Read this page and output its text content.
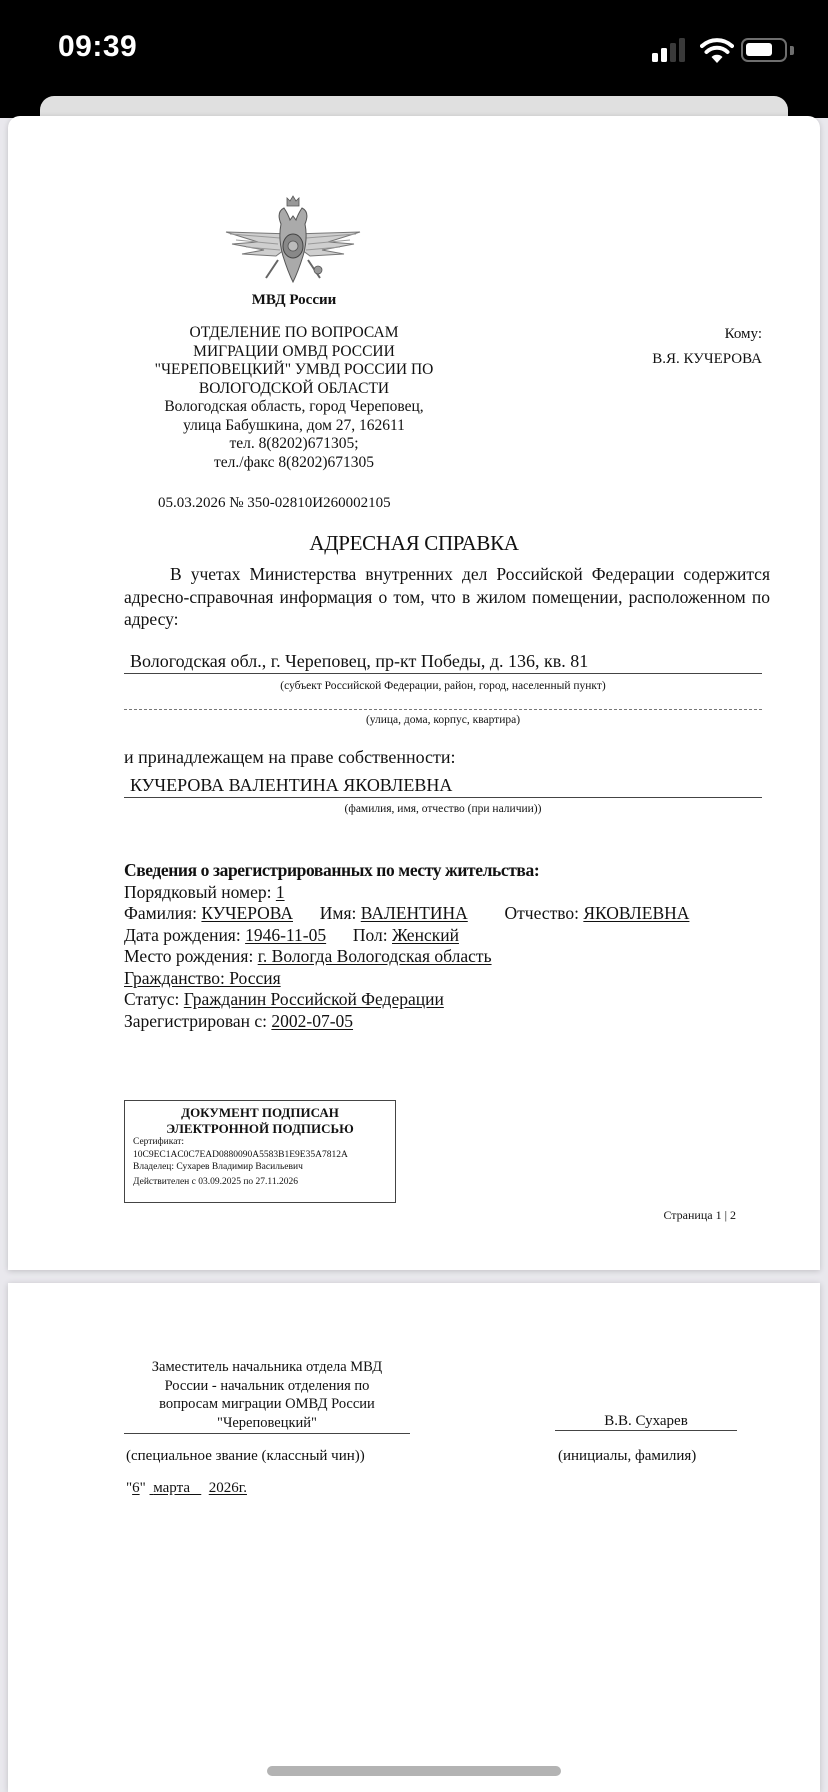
09:39
МВД России
ОТДЕЛЕНИЕ ПО ВОПРОСАМ
МИГРАЦИИ ОМВД РОССИИ
"ЧЕРЕПОВЕЦКИЙ" УМВД РОССИИ ПО
ВОЛОГОДСКОЙ ОБЛАСТИ
Вологодская область, город Череповец,
улица Бабушкина, дом 27, 162611
тел. 8(8202)671305;
тел./факс 8(8202)671305
05.03.2026 № 350-02810И260002105
Кому:
В.Я. КУЧЕРОВА
АДРЕСНАЯ СПРАВКА
В учетах Министерства внутренних дел Российской Федерации содержится адресно-справочная информация о том, что в жилом помещении, расположенном по адресу:
Вологодская обл., г. Череповец, пр-кт Победы, д. 136, кв. 81
(субъект Российской Федерации, район, город, населенный пункт)
(улица, дома, корпус, квартира)
и принадлежащем на праве собственности:
КУЧЕРОВА ВАЛЕНТИНА ЯКОВЛЕВНА
(фамилия, имя, отчество (при наличии))
Сведения о зарегистрированных по месту жительства:
Порядковый номер: 1
Фамилия: КУЧЕРОВА Имя: ВАЛЕНТИНА Отчество: ЯКОВЛЕВНА
Дата рождения: 1946-11-05 Пол: Женский
Место рождения: г. Вологда Вологодская область
Гражданство: Россия
Статус: Гражданин Российской Федерации
Зарегистрирован с: 2002-07-05
ДОКУМЕНТ ПОДПИСАН
ЭЛЕКТРОННОЙ ПОДПИСЬЮ
Сертификат:
10C9EC1AC0C7EAD0880090A5583B1E9E35A7812A
Владелец: Сухарев Владимир Васильевич
Действителен с 03.09.2025 по 27.11.2026
Страница 1 | 2
Заместитель начальника отдела МВД
России - начальник отделения по
вопросам миграции ОМВД России
"Череповецкий"	В.В. Сухарев
(специальное звание (классный чин))	(инициалы, фамилия)
"6"  марта 2026г.
